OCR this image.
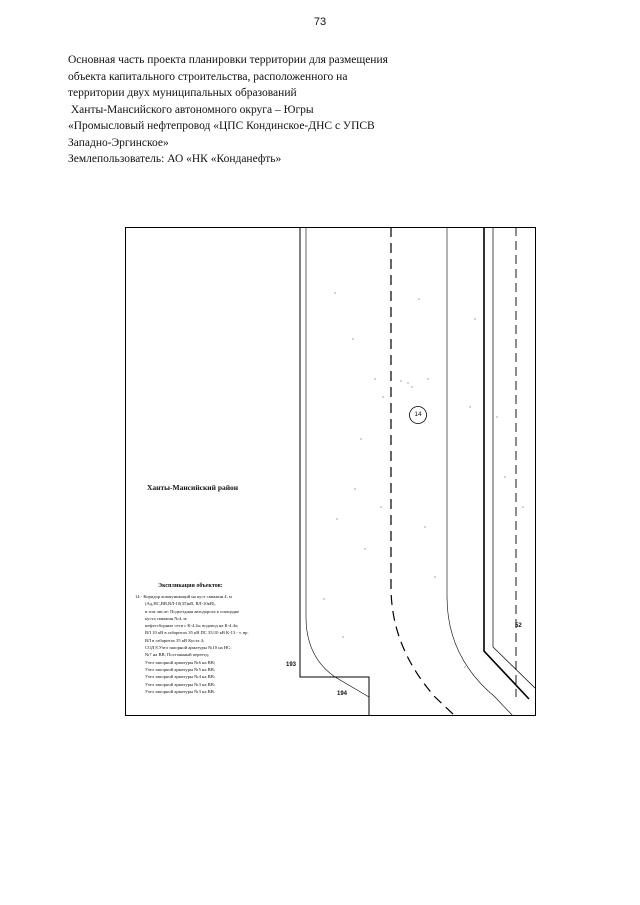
73
Основная часть проекта планировки территории для размещения
объекта капитального строительства, расположенного на
территории двух муниципальных образований
Ханты-Мансийского автономного округа – Югры
«Промысловый нефтепровод «ЦПС Кондинское-ДНС с УПСВ
Западно-Эргинское»
Землепользователь: АО «НК «Конданефть»
14
193
194
52
Ханты-Мансийский район
Экспликация объектов:
14 - Коридор коммуникаций на куст скважин 4, м
(Ад,НС,ВВ,ВЛ-10(35)кВ, ВЛ-10кВ),
в том числе: Подъездная автодорога к площадке
куста скважин №4, м;
нефтесборные сети с К-4.4а; водовод на К-4.4а;
ВЛ 10 кВ в габаритах 35 кВ ПС 35/10 кВ К-13 - т. вр.
ВЛ в габаритах 35 кВ Куста 4;
СОД 8.Узел запорной арматуры №10 на НС;
№7 на ВВ; Постоянный переезд;
Узел запорной арматуры №6 на ВВ;
Узел запорной арматуры №5 на ВВ;
Узел запорной арматуры №4 на ВВ;
Узел запорной арматуры №3 на ВВ;
Узел запорной арматуры №3 на ВВ.
